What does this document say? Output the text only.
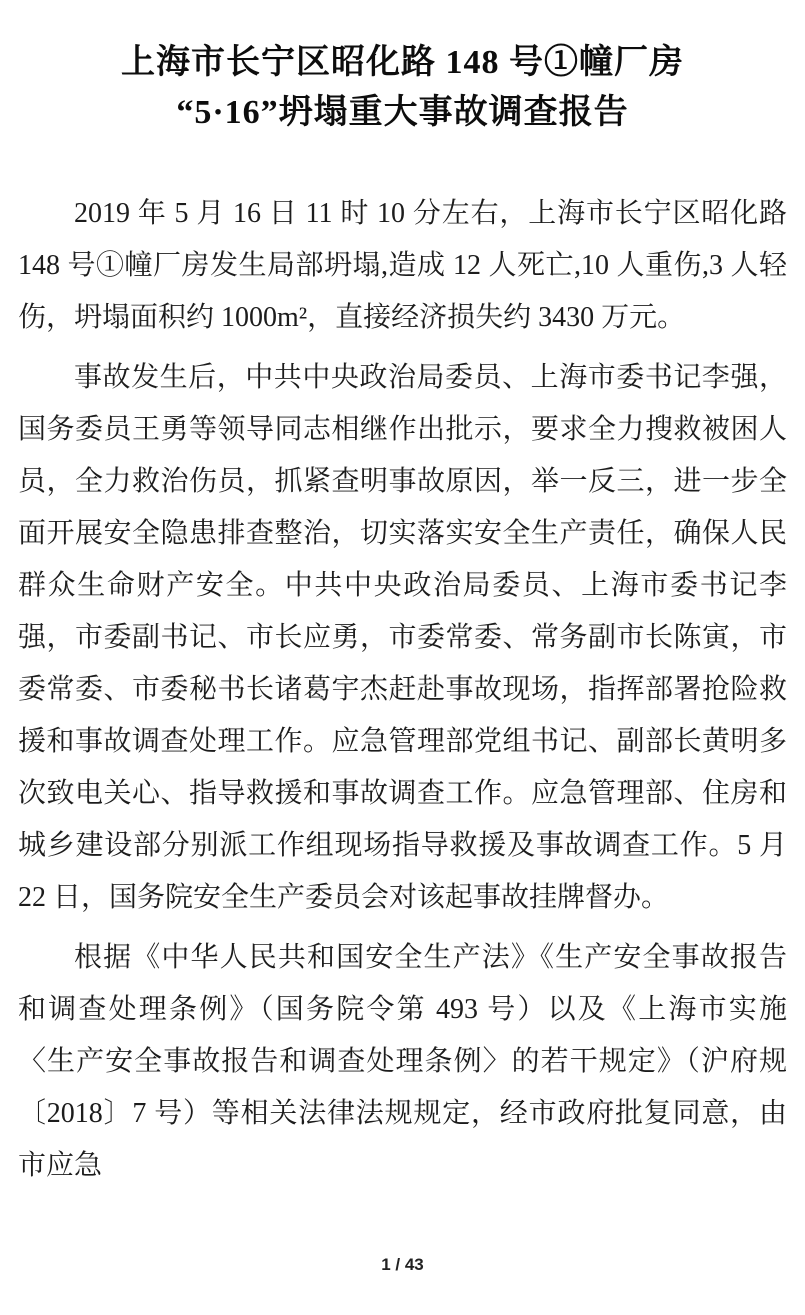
上海市长宁区昭化路 148 号①幢厂房
“5·16”坍塌重大事故调查报告

2019 年 5 月 16 日 11 时 10 分左右，上海市长宁区昭化路 148 号①幢厂房发生局部坍塌,造成 12 人死亡,10 人重伤,3 人轻伤，坍塌面积约 1000m²，直接经济损失约 3430 万元。

事故发生后，中共中央政治局委员、上海市委书记李强，国务委员王勇等领导同志相继作出批示，要求全力搜救被困人员，全力救治伤员，抓紧查明事故原因，举一反三，进一步全面开展安全隐患排查整治，切实落实安全生产责任，确保人民群众生命财产安全。中共中央政治局委员、上海市委书记李强，市委副书记、市长应勇，市委常委、常务副市长陈寅，市委常委、市委秘书长诸葛宇杰赶赴事故现场，指挥部署抢险救援和事故调查处理工作。应急管理部党组书记、副部长黄明多次致电关心、指导救援和事故调查工作。应急管理部、住房和城乡建设部分别派工作组现场指导救援及事故调查工作。5 月 22 日，国务院安全生产委员会对该起事故挂牌督办。

根据《中华人民共和国安全生产法》《生产安全事故报告和调查处理条例》（国务院令第 493 号）以及《上海市实施〈生产安全事故报告和调查处理条例〉的若干规定》（沪府规〔2018〕7 号）等相关法律法规规定，经市政府批复同意，由市应急

1 / 43
